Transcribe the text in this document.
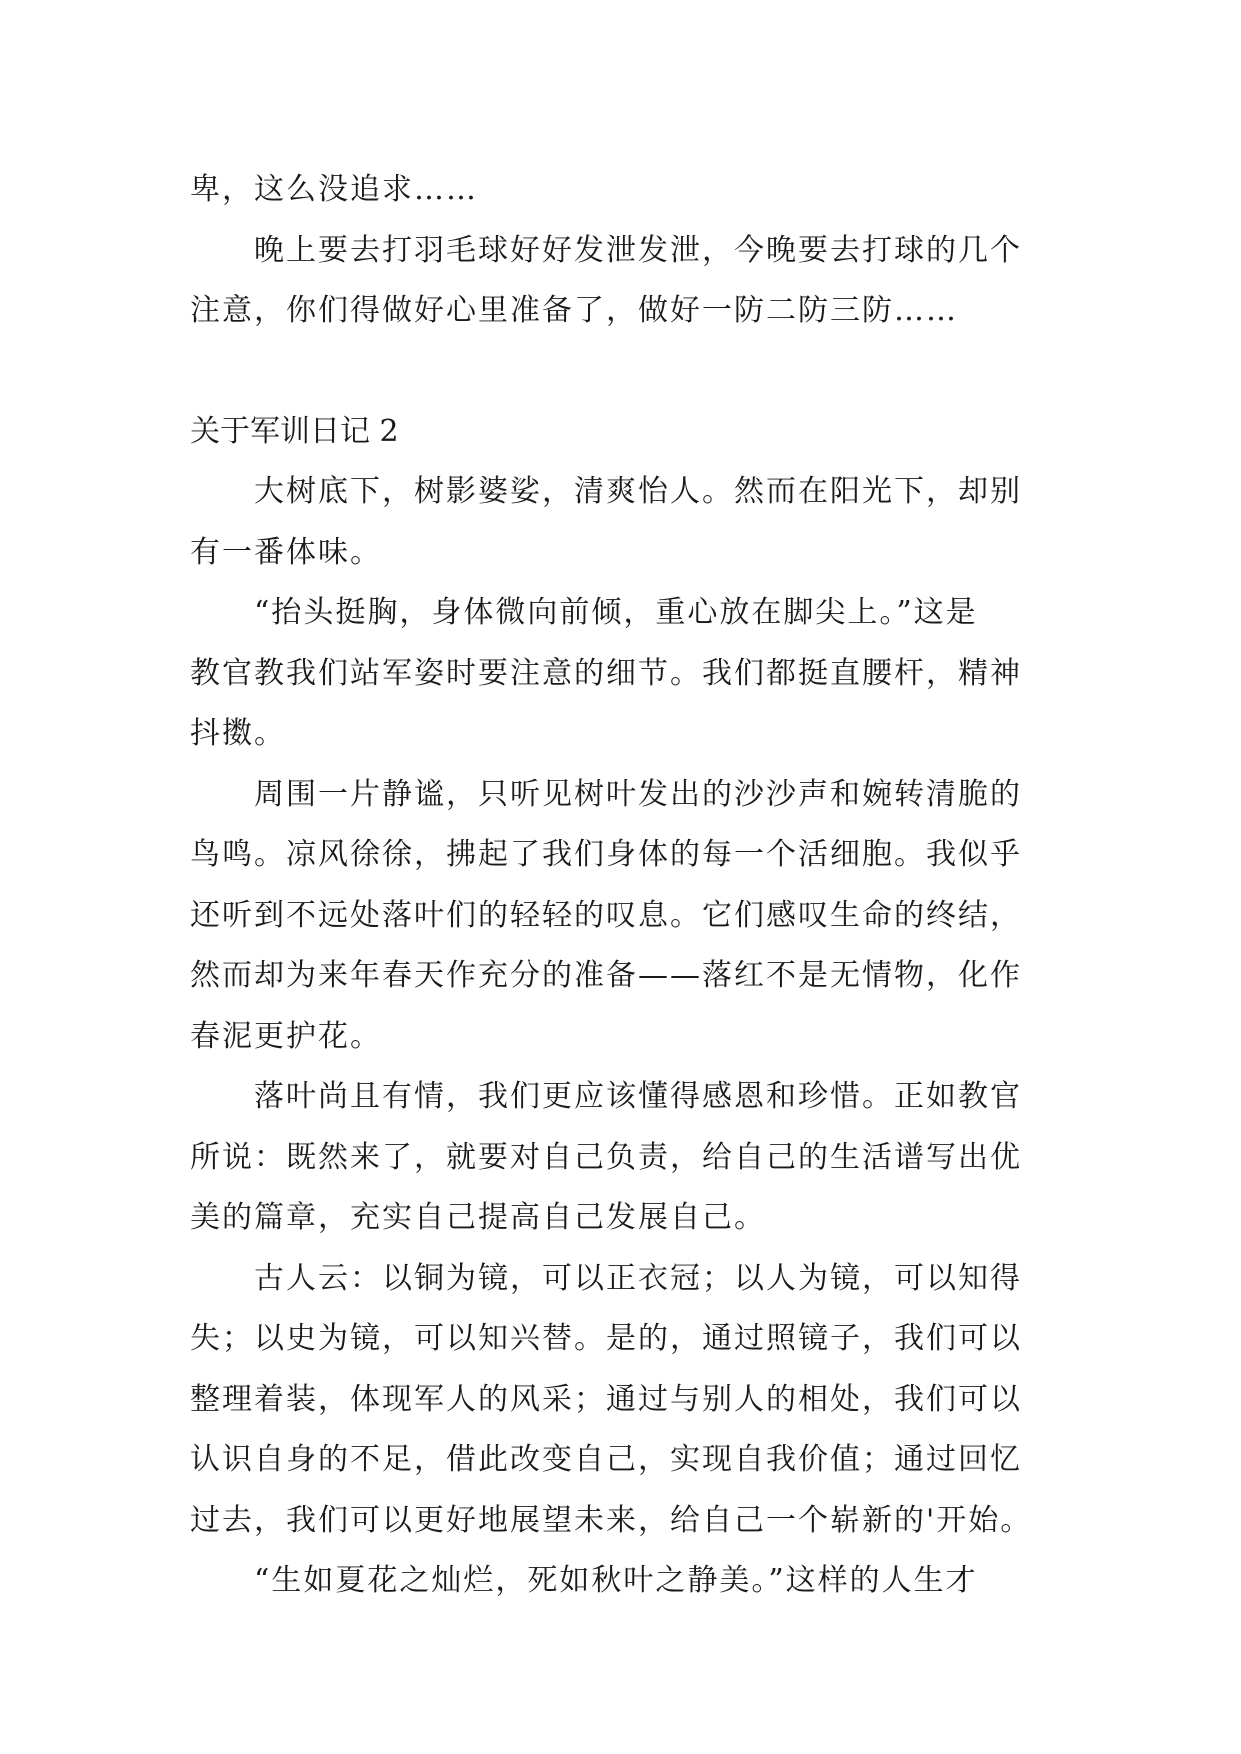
卑，这么没追求……
晚上要去打羽毛球好好发泄发泄，今晚要去打球的几个
注意，你们得做好心里准备了，做好一防二防三防……
关于军训日记 2
大树底下，树影婆娑，清爽怡人。然而在阳光下，却别
有一番体味。
“抬头挺胸，身体微向前倾，重心放在脚尖上。”这是
教官教我们站军姿时要注意的细节。我们都挺直腰杆，精神
抖擞。
周围一片静谧，只听见树叶发出的沙沙声和婉转清脆的
鸟鸣。凉风徐徐，拂起了我们身体的每一个活细胞。我似乎
还听到不远处落叶们的轻轻的叹息。它们感叹生命的终结，
然而却为来年春天作充分的准备——落红不是无情物，化作
春泥更护花。
落叶尚且有情，我们更应该懂得感恩和珍惜。正如教官
所说：既然来了，就要对自己负责，给自己的生活谱写出优
美的篇章，充实自己提高自己发展自己。
古人云：以铜为镜，可以正衣冠；以人为镜，可以知得
失；以史为镜，可以知兴替。是的，通过照镜子，我们可以
整理着装，体现军人的风采；通过与别人的相处，我们可以
认识自身的不足，借此改变自己，实现自我价值；通过回忆
过去，我们可以更好地展望未来，给自己一个崭新的'开始。
“生如夏花之灿烂，死如秋叶之静美。”这样的人生才
